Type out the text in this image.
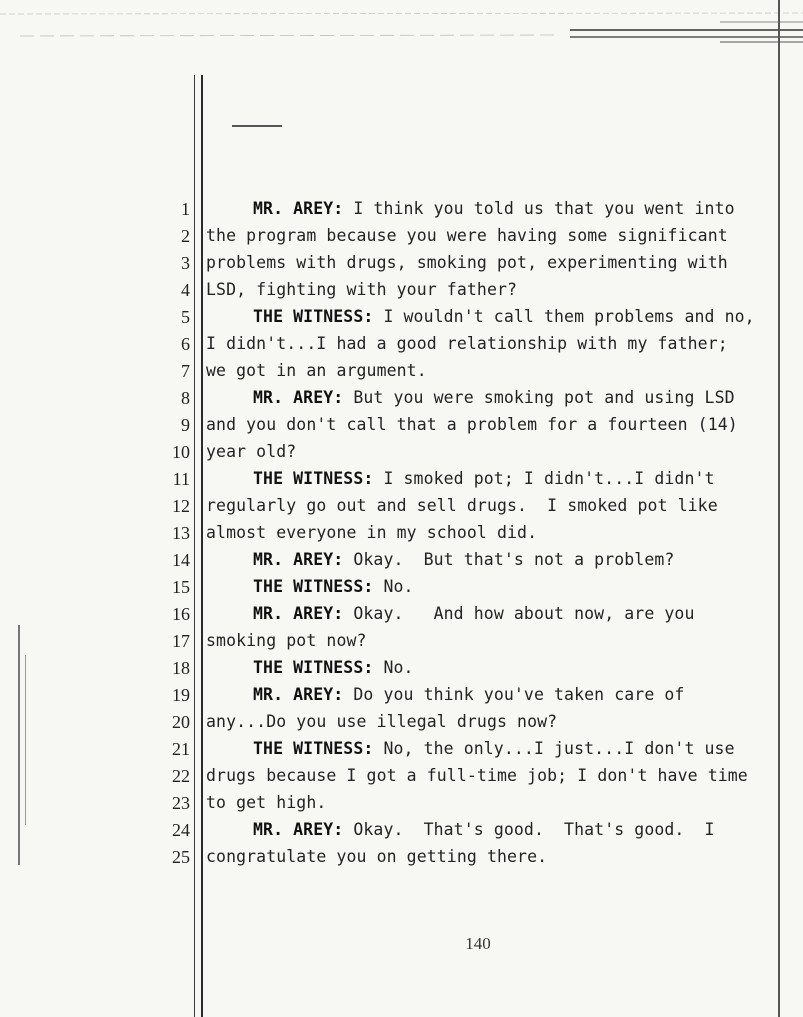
1	MR. AREY: I think you told us that you went into
2 the program because you were having some significant
3 problems with drugs, smoking pot, experimenting with
4 LSD, fighting with your father?
5	THE WITNESS: I wouldn't call them problems and no,
6 I didn't...I had a good relationship with my father;
7 we got in an argument.
8	MR. AREY: But you were smoking pot and using LSD
9 and you don't call that a problem for a fourteen (14)
10 year old?
11	THE WITNESS: I smoked pot; I didn't...I didn't
12 regularly go out and sell drugs.  I smoked pot like
13 almost everyone in my school did.
14	MR. AREY: Okay.  But that's not a problem?
15	THE WITNESS: No.
16	MR. AREY: Okay.   And how about now, are you
17 smoking pot now?
18	THE WITNESS: No.
19	MR. AREY: Do you think you've taken care of
20 any...Do you use illegal drugs now?
21	THE WITNESS: No, the only...I just...I don't use
22 drugs because I got a full-time job; I don't have time
23 to get high.
24	MR. AREY: Okay.  That's good.  That's good.  I
25 congratulate you on getting there.
140
